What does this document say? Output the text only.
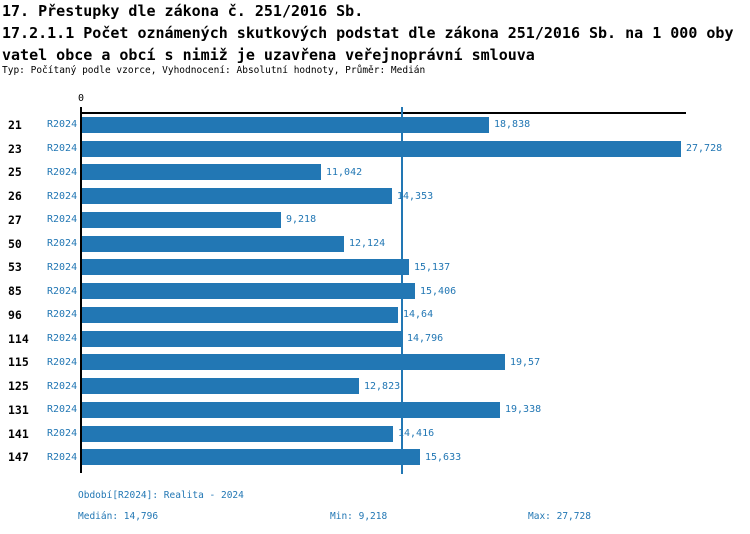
17. Přestupky dle zákona č. 251/2016 Sb.
17.2.1.1 Počet oznámených skutkových podstat dle zákona 251/2016 Sb. na 1 000 oby
vatel obce a obcí s nimiž je uzavřena veřejnoprávní smlouva
Typ: Počítaný podle vzorce, Vyhodnocení: Absolutní hodnoty, Průměr: Medián
0
21	R2024	18,838
23	R2024	27,728
25	R2024	11,042
26	R2024	14,353
27	R2024	9,218
50	R2024	12,124
53	R2024	15,137
85	R2024	15,406
96	R2024	14,64
114	R2024	14,796
115	R2024	19,57
125	R2024	12,823
131	R2024	19,338
141	R2024	14,416
147	R2024	15,633
Období[R2024]: Realita - 2024
Medián: 14,796	Min: 9,218	Max: 27,728
